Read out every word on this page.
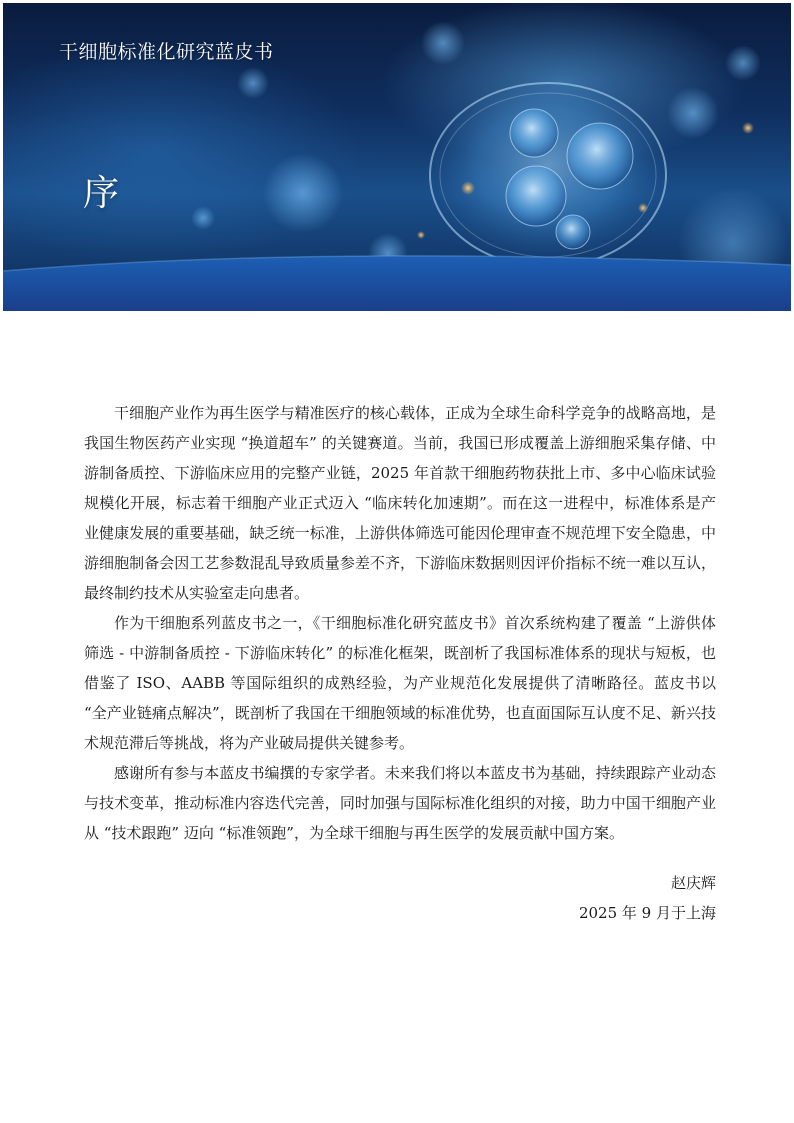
干细胞标准化研究蓝皮书
序

干细胞产业作为再生医学与精准医疗的核心载体，正成为全球生命科学竞争的战略高地，是我国生物医药产业实现 “换道超车” 的关键赛道。当前，我国已形成覆盖上游细胞采集存储、中游制备质控、下游临床应用的完整产业链，2025 年首款干细胞药物获批上市、多中心临床试验规模化开展，标志着干细胞产业正式迈入 “临床转化加速期”。而在这一进程中，标准体系是产业健康发展的重要基础，缺乏统一标准，上游供体筛选可能因伦理审查不规范埋下安全隐患，中游细胞制备会因工艺参数混乱导致质量参差不齐，下游临床数据则因评价指标不统一难以互认，最终制约技术从实验室走向患者。

作为干细胞系列蓝皮书之一，《干细胞标准化研究蓝皮书》首次系统构建了覆盖 “上游供体筛选 - 中游制备质控 - 下游临床转化” 的标准化框架，既剖析了我国标准体系的现状与短板，也借鉴了 ISO、AABB 等国际组织的成熟经验，为产业规范化发展提供了清晰路径。蓝皮书以 “全产业链痛点解决”，既剖析了我国在干细胞领域的标准优势，也直面国际互认度不足、新兴技术规范滞后等挑战，将为产业破局提供关键参考。

感谢所有参与本蓝皮书编撰的专家学者。未来我们将以本蓝皮书为基础，持续跟踪产业动态与技术变革，推动标准内容迭代完善，同时加强与国际标准化组织的对接，助力中国干细胞产业从 “技术跟跑” 迈向 “标准领跑”，为全球干细胞与再生医学的发展贡献中国方案。

赵庆辉
2025 年 9 月于上海
